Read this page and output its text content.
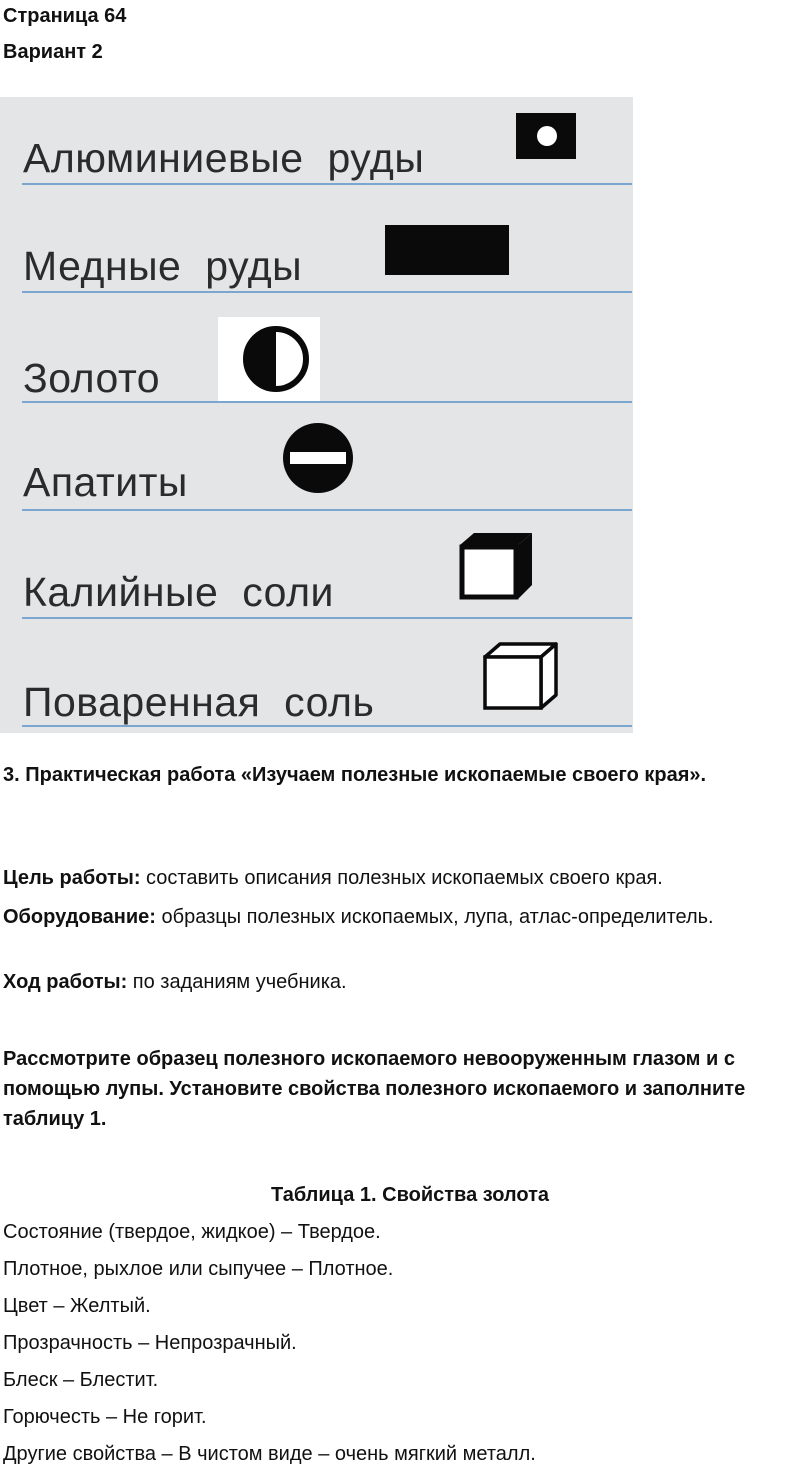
Страница 64
Вариант 2
Алюминиевые руды
Медные руды
Золото
Апатиты
Калийные соли
Поваренная соль

3. Практическая работа «Изучаем полезные ископаемые своего края».

Цель работы: составить описания полезных ископаемых своего края.

Оборудование: образцы полезных ископаемых, лупа, атлас-определитель.

Ход работы: по заданиям учебника.

Рассмотрите образец полезного ископаемого невооруженным глазом и с помощью лупы. Установите свойства полезного ископаемого и заполните таблицу 1.

Таблица 1. Свойства золота

Состояние (твердое, жидкое) – Твердое.

Плотное, рыхлое или сыпучее – Плотное.

Цвет – Желтый.

Прозрачность – Непрозрачный.

Блеск – Блестит.

Горючесть – Не горит.

Другие свойства – В чистом виде – очень мягкий металл.
